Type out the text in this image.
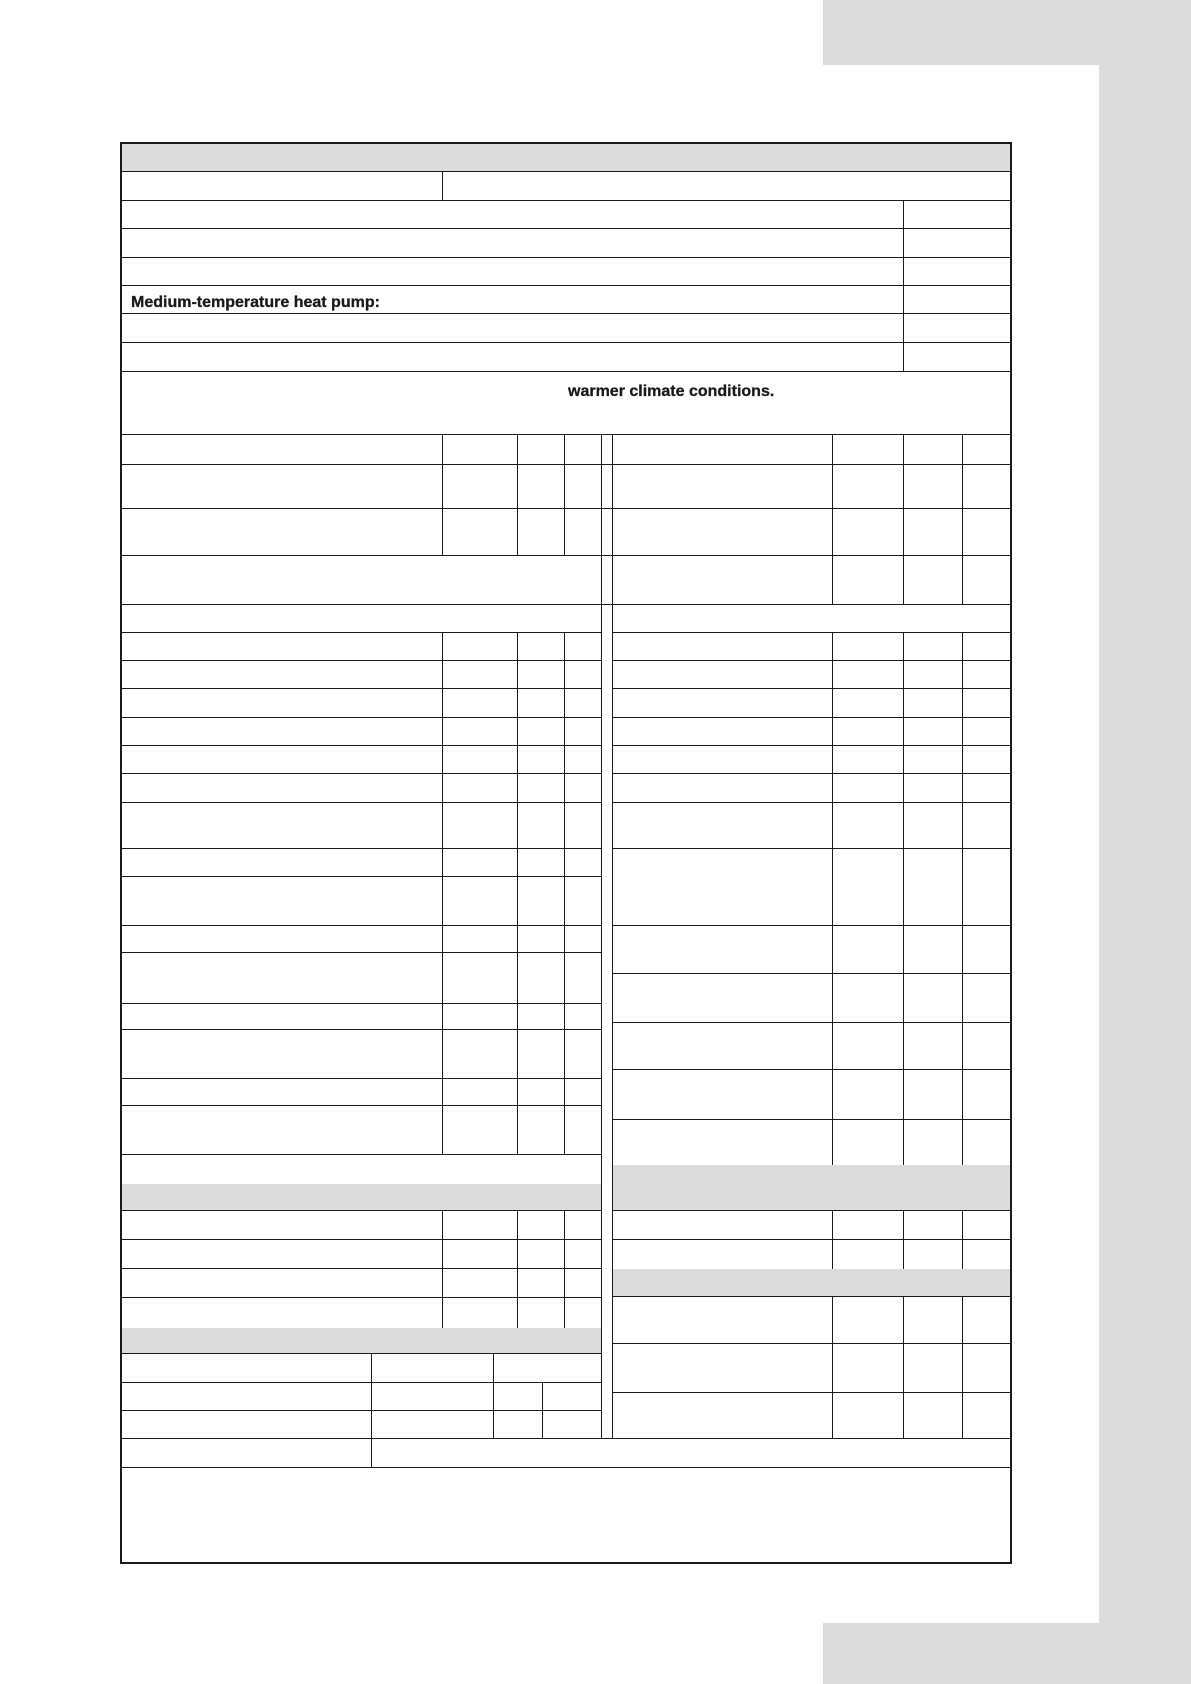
Medium-temperature heat pump:
warmer climate conditions.
